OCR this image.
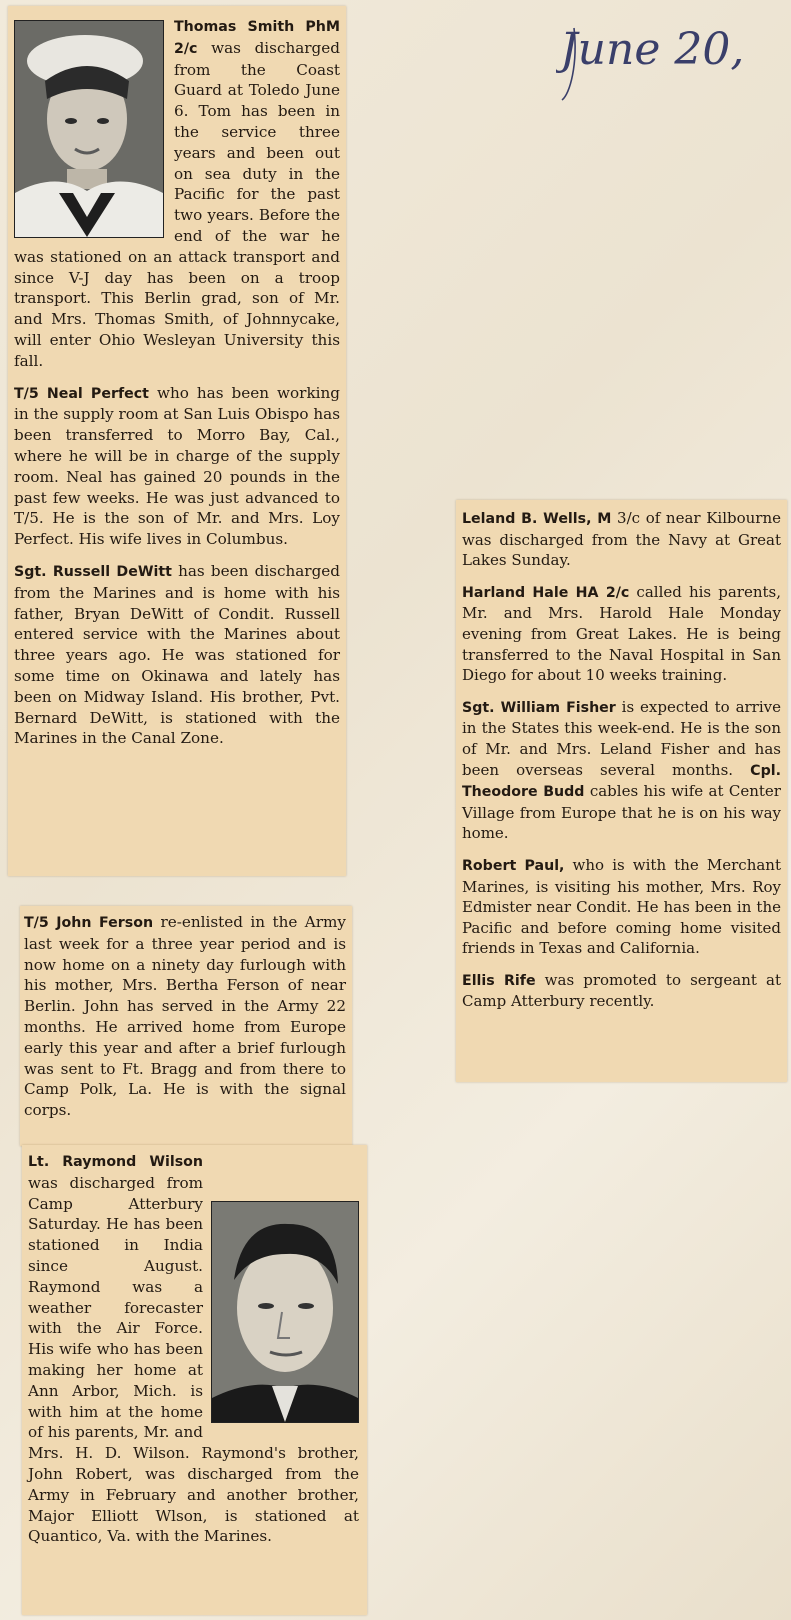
June 20,

Thomas Smith PhM 2/c was discharged from the Coast Guard at Toledo June 6. Tom has been in the service three years and been out on sea duty in the Pacific for the past two years. Before the end of the war he was stationed on an attack transport and since V-J day has been on a troop transport. This Berlin grad, son of Mr. and Mrs. Thomas Smith, of Johnnycake, will enter Ohio Wesleyan University this fall.

T/5 Neal Perfect who has been working in the supply room at San Luis Obispo has been transferred to Morro Bay, Cal., where he will be in charge of the supply room. Neal has gained 20 pounds in the past few weeks. He was just advanced to T/5. He is the son of Mr. and Mrs. Loy Perfect. His wife lives in Columbus.

Sgt. Russell DeWitt has been discharged from the Marines and is home with his father, Bryan DeWitt of Condit. Russell entered service with the Marines about three years ago. He was stationed for some time on Okinawa and lately has been on Midway Island. His brother, Pvt. Bernard DeWitt, is stationed with the Marines in the Canal Zone.

T/5 John Ferson re-enlisted in the Army last week for a three year period and is now home on a ninety day furlough with his mother, Mrs. Bertha Ferson of near Berlin. John has served in the Army 22 months. He arrived home from Europe early this year and after a brief furlough was sent to Ft. Bragg and from there to Camp Polk, La. He is with the signal corps.

Lt. Raymond Wilson was discharged from Camp Atterbury Saturday. He has been stationed in India since August. Raymond was a weather forecaster with the Air Force. His wife who has been making her home at Ann Arbor, Mich. is with him at the home of his parents, Mr. and Mrs. H. D. Wilson. Raymond's brother, John Robert, was discharged from the Army in February and another brother, Major Elliott Wlson, is stationed at Quantico, Va. with the Marines.

Leland B. Wells, M 3/c of near Kilbourne was discharged from the Navy at Great Lakes Sunday.

Harland Hale HA 2/c called his parents, Mr. and Mrs. Harold Hale Monday evening from Great Lakes. He is being transferred to the Naval Hospital in San Diego for about 10 weeks training.

Sgt. William Fisher is expected to arrive in the States this week-end. He is the son of Mr. and Mrs. Leland Fisher and has been overseas several months. Cpl. Theodore Budd cables his wife at Center Village from Europe that he is on his way home.

Robert Paul, who is with the Merchant Marines, is visiting his mother, Mrs. Roy Edmister near Condit. He has been in the Pacific and before coming home visited friends in Texas and California.

Ellis Rife was promoted to sergeant at Camp Atterbury recently.
